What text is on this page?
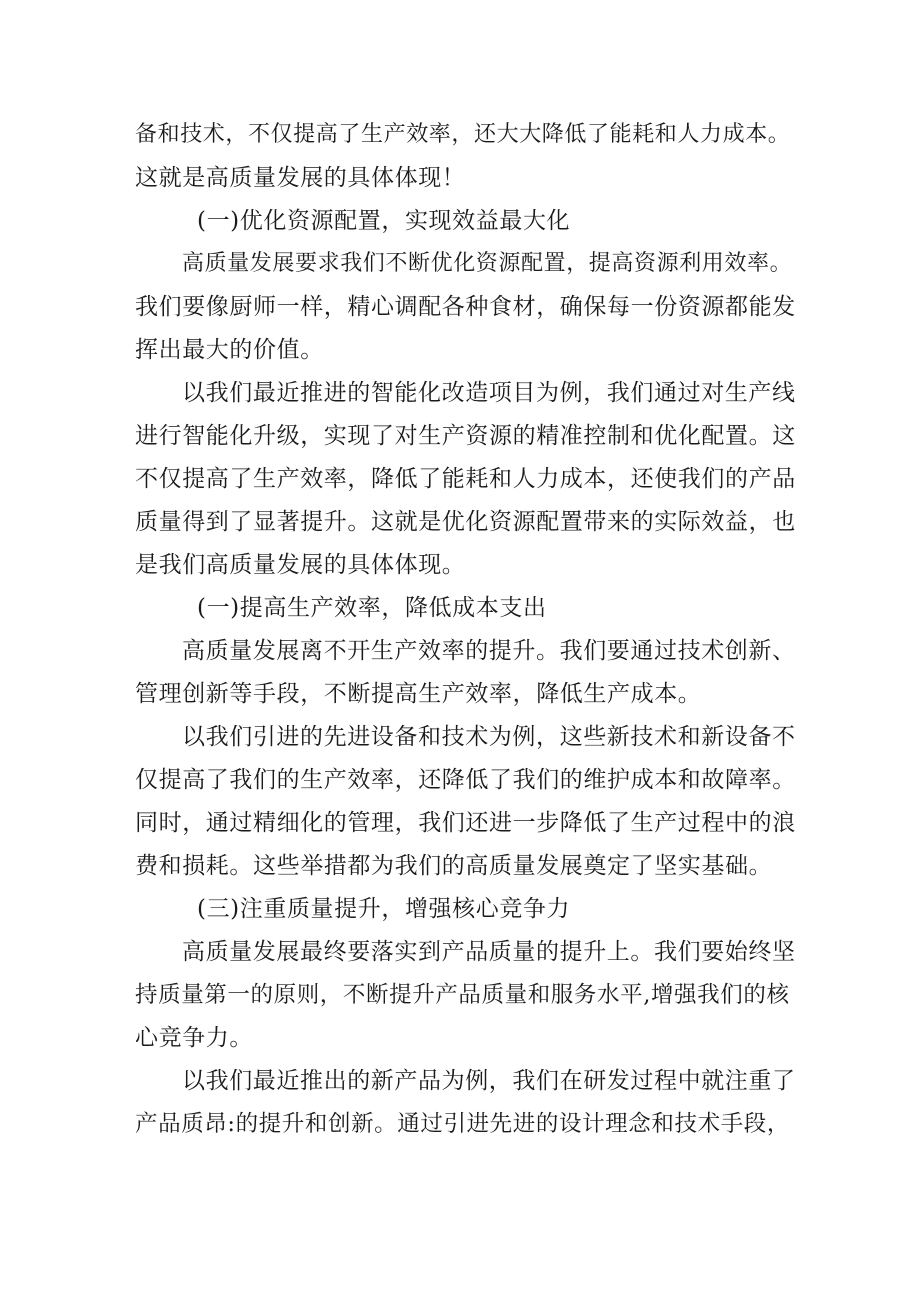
备和技术，不仅提高了生产效率，还大大降低了能耗和人力成本。
这就是高质量发展的具体体现！
(一)优化资源配置，实现效益最大化
高质量发展要求我们不断优化资源配置，提高资源利用效率。
我们要像厨师一样，精心调配各种食材，确保每一份资源都能发
挥出最大的价值。
以我们最近推进的智能化改造项目为例，我们通过对生产线
进行智能化升级，实现了对生产资源的精准控制和优化配置。这
不仅提高了生产效率，降低了能耗和人力成本，还使我们的产品
质量得到了显著提升。这就是优化资源配置带来的实际效益，也
是我们高质量发展的具体体现。
(一)提高生产效率，降低成本支出
高质量发展离不开生产效率的提升。我们要通过技术创新、
管理创新等手段，不断提高生产效率，降低生产成本。
以我们引进的先进设备和技术为例，这些新技术和新设备不
仅提高了我们的生产效率，还降低了我们的维护成本和故障率。
同时，通过精细化的管理，我们还进一步降低了生产过程中的浪
费和损耗。这些举措都为我们的高质量发展奠定了坚实基础。
(三)注重质量提升，增强核心竞争力
高质量发展最终要落实到产品质量的提升上。我们要始终坚
持质量第一的原则，不断提升产品质量和服务水平,增强我们的核
心竞争力。
以我们最近推出的新产品为例，我们在研发过程中就注重了
产品质昂:的提升和创新。通过引进先进的设计理念和技术手段，
